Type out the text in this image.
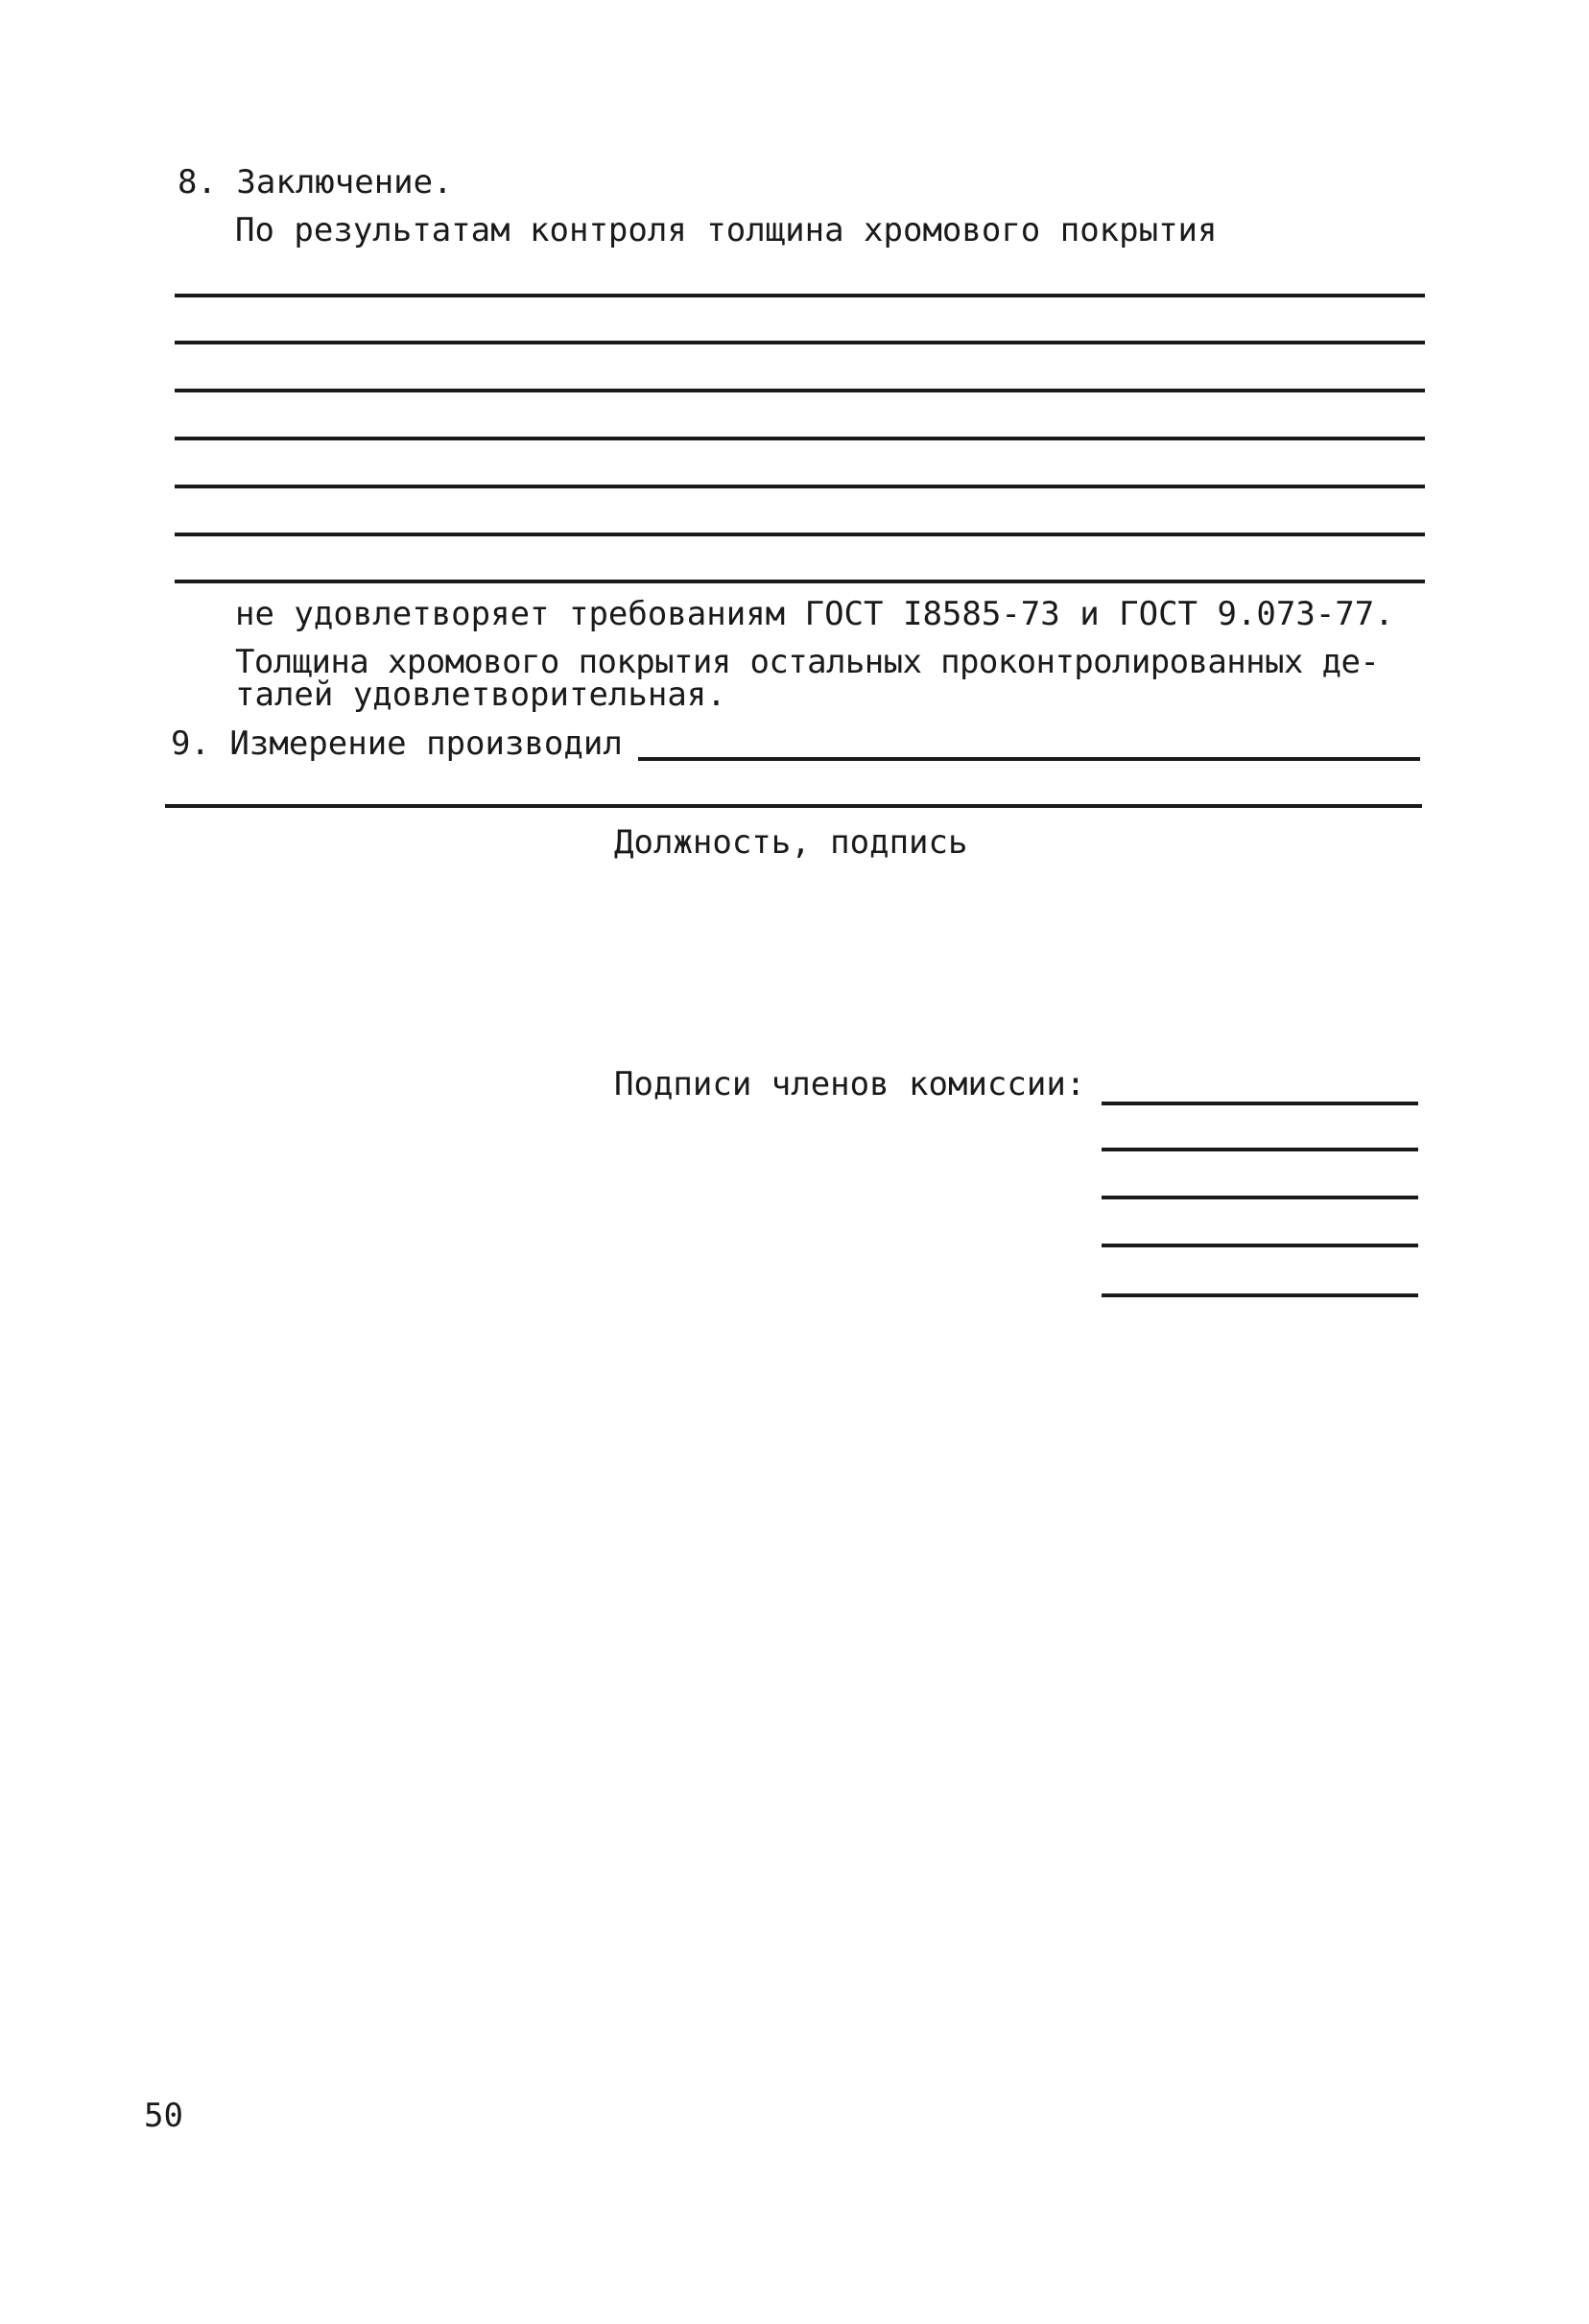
8. Заключение.
По результатам контроля толщина хромового покрытия
не удовлетворяет требованиям ГОСТ I8585-73 и ГОСТ 9.073-77.
Толщина хромового покрытия остальных проконтролированных де-
талей удовлетворительная.
9. Измерение производил
Должность, подпись
Подписи членов комиссии:
50
